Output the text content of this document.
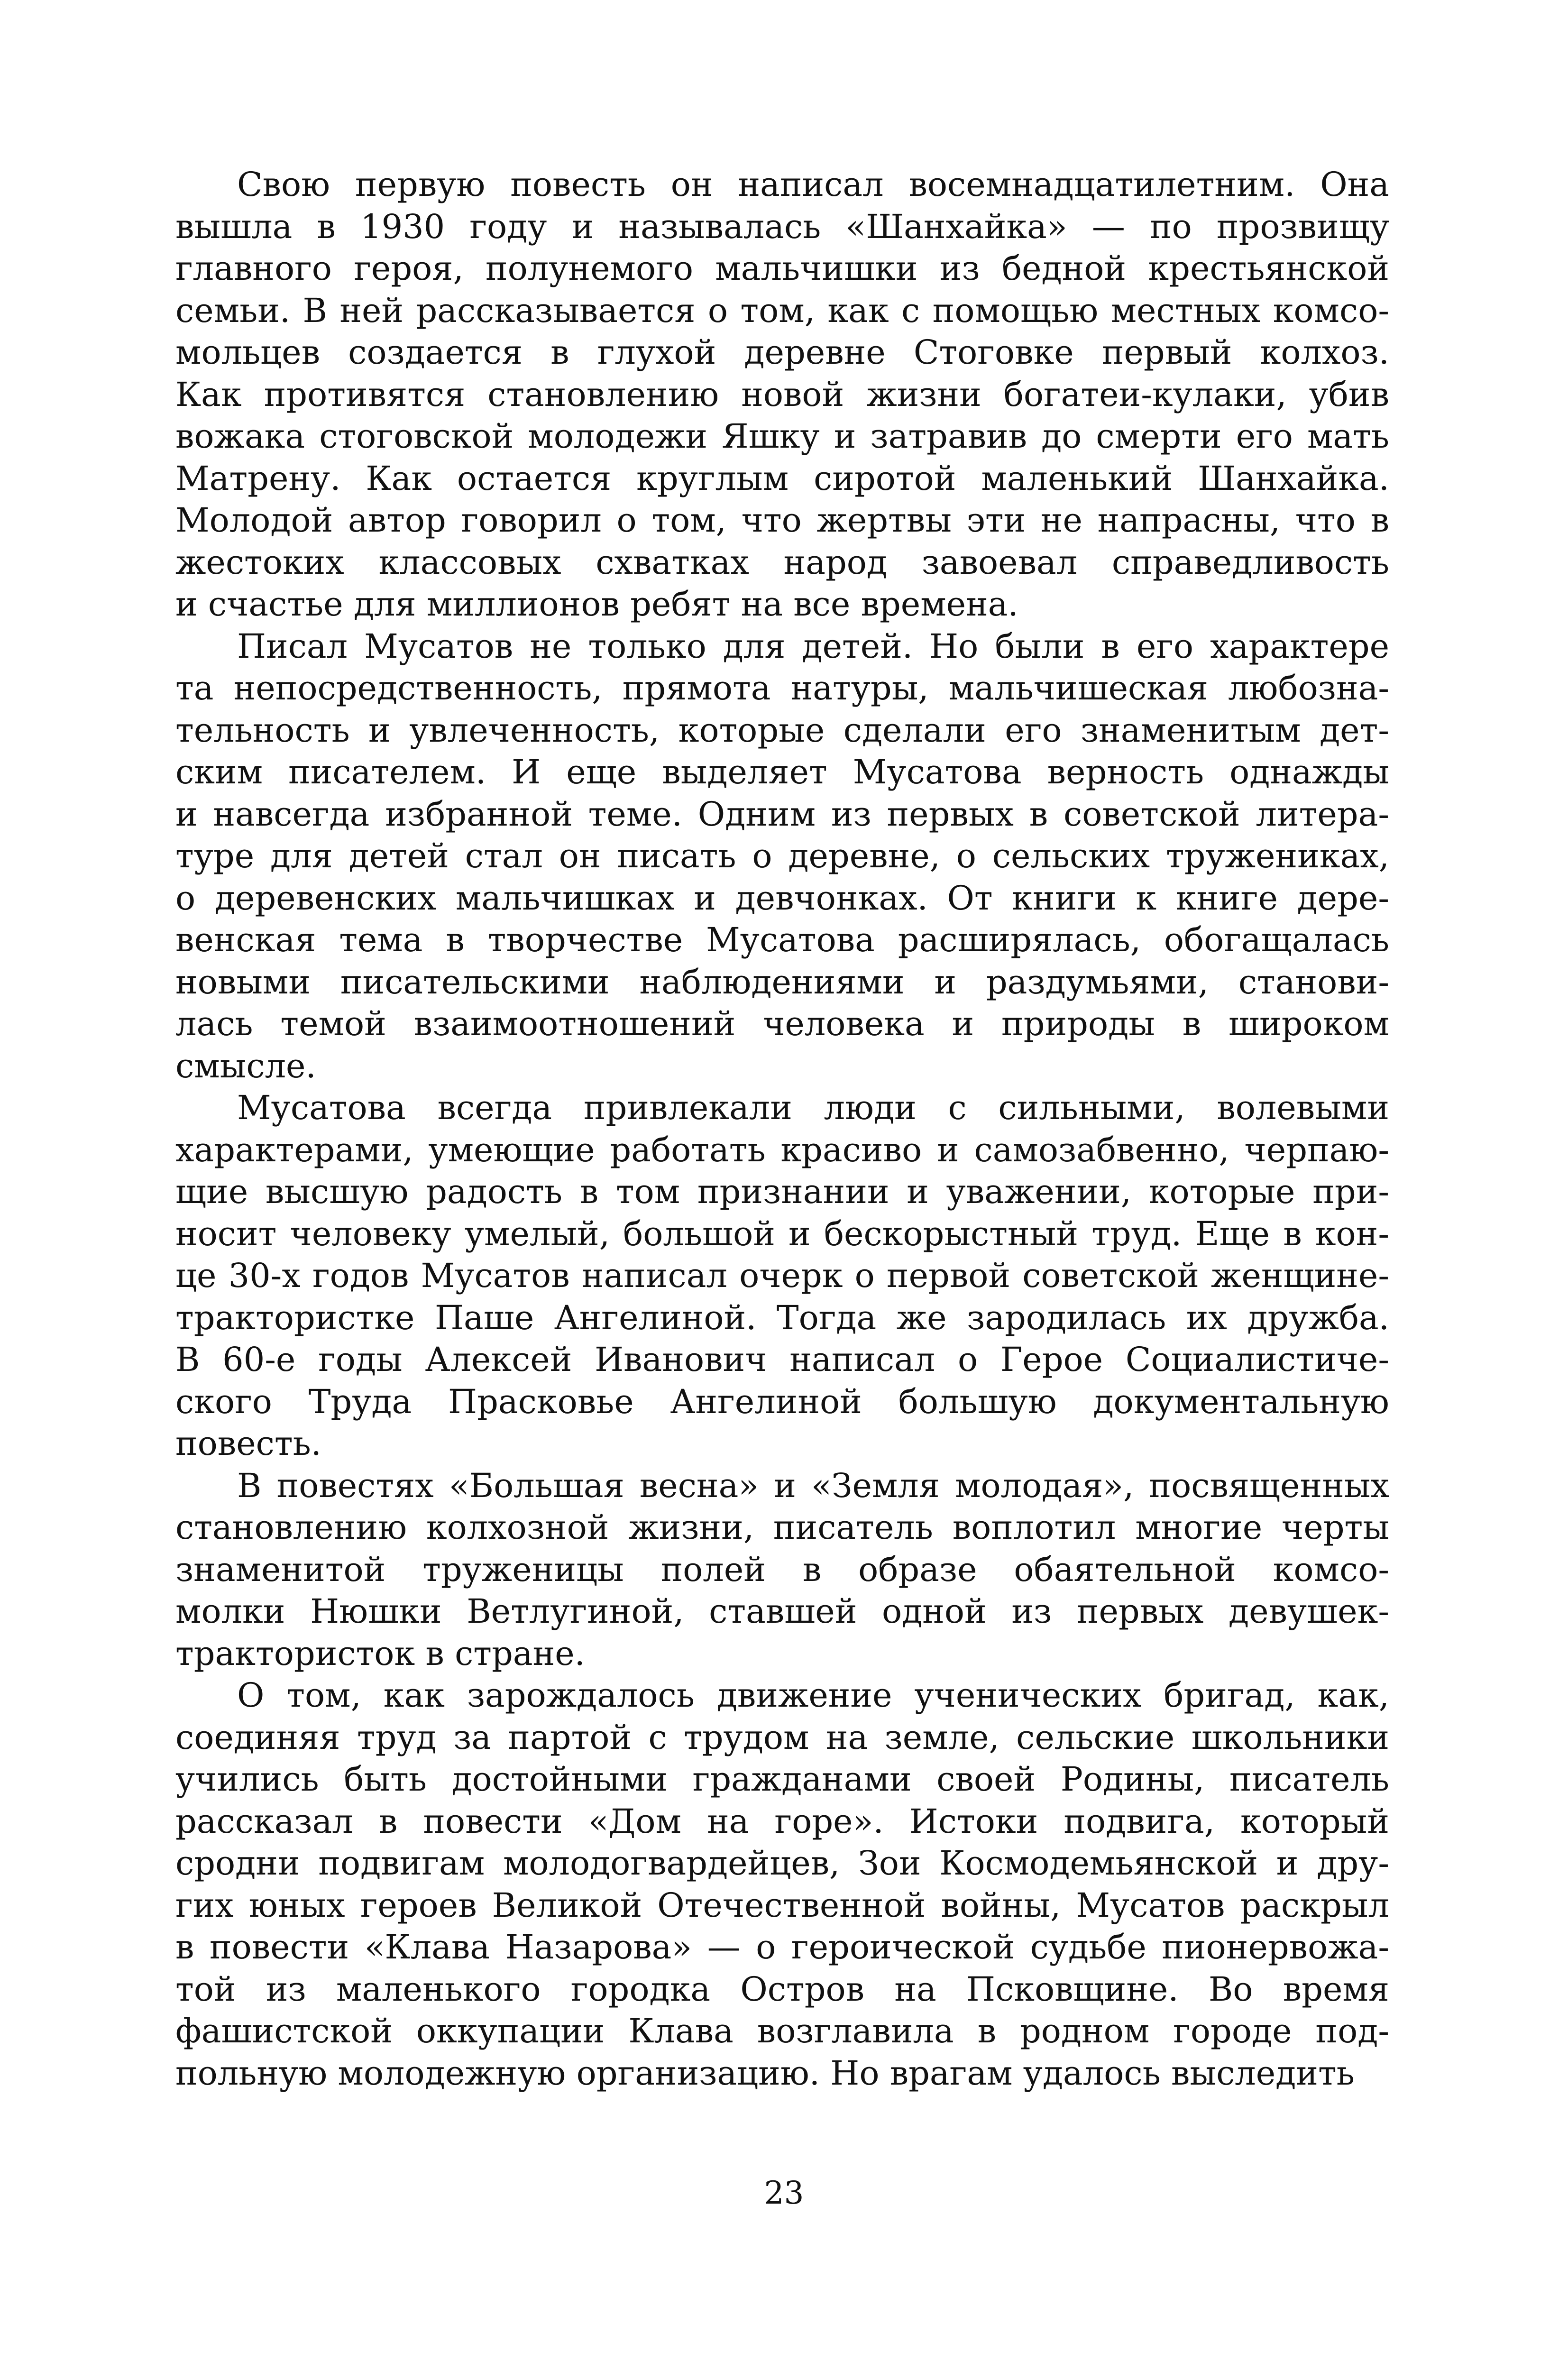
Свою первую повесть он написал восемнадцатилетним. Она
вышла в 1930 году и называлась «Шанхайка» — по прозвищу
главного героя, полунемого мальчишки из бедной крестьянской
семьи. В ней рассказывается о том, как с помощью местных комсо-
мольцев создается в глухой деревне Стоговке первый колхоз.
Как противятся становлению новой жизни богатеи-кулаки, убив
вожака стоговской молодежи Яшку и затравив до смерти его мать
Матрену. Как остается круглым сиротой маленький Шанхайка.
Молодой автор говорил о том, что жертвы эти не напрасны, что в
жестоких классовых схватках народ завоевал справедливость
и счастье для миллионов ребят на все времена.
Писал Мусатов не только для детей. Но были в его характере
та непосредственность, прямота натуры, мальчишеская любозна-
тельность и увлеченность, которые сделали его знаменитым дет-
ским писателем. И еще выделяет Мусатова верность однажды
и навсегда избранной теме. Одним из первых в советской литера-
туре для детей стал он писать о деревне, о сельских тружениках,
о деревенских мальчишках и девчонках. От книги к книге дере-
венская тема в творчестве Мусатова расширялась, обогащалась
новыми писательскими наблюдениями и раздумьями, станови-
лась темой взаимоотношений человека и природы в широком
смысле.
Мусатова всегда привлекали люди с сильными, волевыми
характерами, умеющие работать красиво и самозабвенно, черпаю-
щие высшую радость в том признании и уважении, которые при-
носит человеку умелый, большой и бескорыстный труд. Еще в кон-
це 30-х годов Мусатов написал очерк о первой советской женщине-
трактористке Паше Ангелиной. Тогда же зародилась их дружба.
В 60-е годы Алексей Иванович написал о Герое Социалистиче-
ского Труда Прасковье Ангелиной большую документальную
повесть.
В повестях «Большая весна» и «Земля молодая», посвященных
становлению колхозной жизни, писатель воплотил многие черты
знаменитой труженицы полей в образе обаятельной комсо-
молки Нюшки Ветлугиной, ставшей одной из первых девушек-
трактористок в стране.
О том, как зарождалось движение ученических бригад, как,
соединяя труд за партой с трудом на земле, сельские школьники
учились быть достойными гражданами своей Родины, писатель
рассказал в повести «Дом на горе». Истоки подвига, который
сродни подвигам молодогвардейцев, Зои Космодемьянской и дру-
гих юных героев Великой Отечественной войны, Мусатов раскрыл
в повести «Клава Назарова» — о героической судьбе пионервожа-
той из маленького городка Остров на Псковщине. Во время
фашистской оккупации Клава возглавила в родном городе под-
польную молодежную организацию. Но врагам удалось выследить
23
